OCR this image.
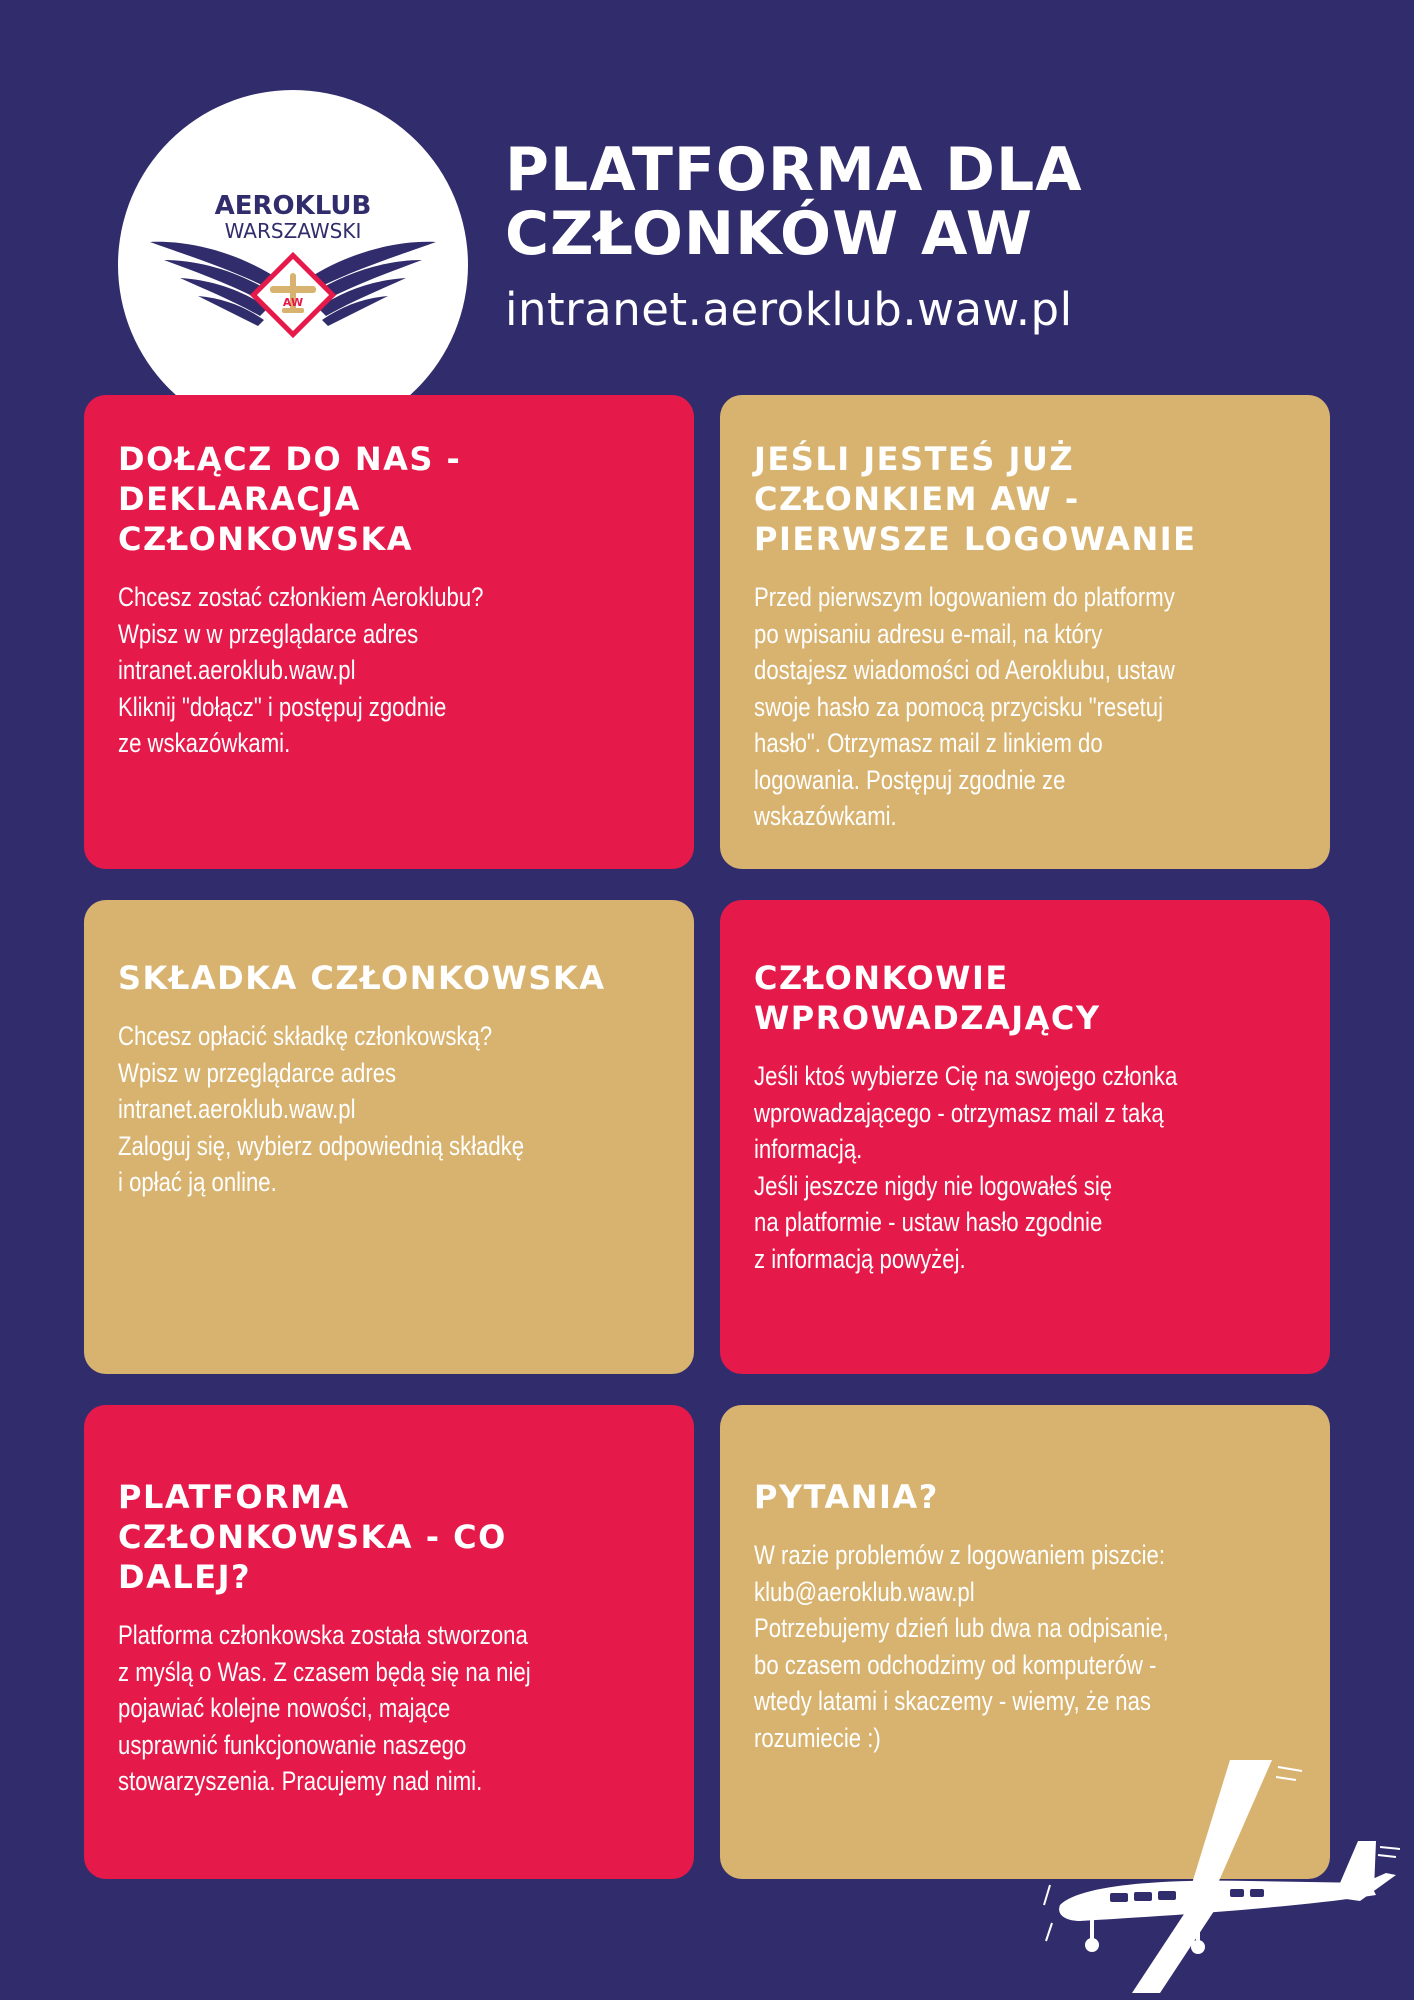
AEROKLUB
WARSZAWSKI
AW
PLATFORMA DLA
CZŁONKÓW AW
intranet.aeroklub.waw.pl
DOŁĄCZ DO NAS -
DEKLARACJA
CZŁONKOWSKA
Chcesz zostać członkiem Aeroklubu?
Wpisz w w przeglądarce adres
intranet.aeroklub.waw.pl
Kliknij "dołącz" i postępuj zgodnie
ze wskazówkami.
JEŚLI JESTEŚ JUŻ
CZŁONKIEM AW -
PIERWSZE LOGOWANIE
Przed pierwszym logowaniem do platformy
po wpisaniu adresu e-mail, na który
dostajesz wiadomości od Aeroklubu, ustaw
swoje hasło za pomocą przycisku "resetuj
hasło". Otrzymasz mail z linkiem do
logowania. Postępuj zgodnie ze
wskazówkami.
SKŁADKA CZŁONKOWSKA
Chcesz opłacić składkę członkowską?
Wpisz w przeglądarce adres
intranet.aeroklub.waw.pl
Zaloguj się, wybierz odpowiednią składkę
i opłać ją online.
CZŁONKOWIE
WPROWADZAJĄCY
Jeśli ktoś wybierze Cię na swojego członka
wprowadzającego - otrzymasz mail z taką
informacją.
Jeśli jeszcze nigdy nie logowałeś się
na platformie - ustaw hasło zgodnie
z informacją powyżej.
PLATFORMA
CZŁONKOWSKA - CO
DALEJ?
Platforma członkowska została stworzona
z myślą o Was. Z czasem będą się na niej
pojawiać kolejne nowości, mające
usprawnić funkcjonowanie naszego
stowarzyszenia. Pracujemy nad nimi.
PYTANIA?
W razie problemów z logowaniem piszcie:
klub@aeroklub.waw.pl
Potrzebujemy dzień lub dwa na odpisanie,
bo czasem odchodzimy od komputerów -
wtedy latami i skaczemy - wiemy, że nas
rozumiecie :)
